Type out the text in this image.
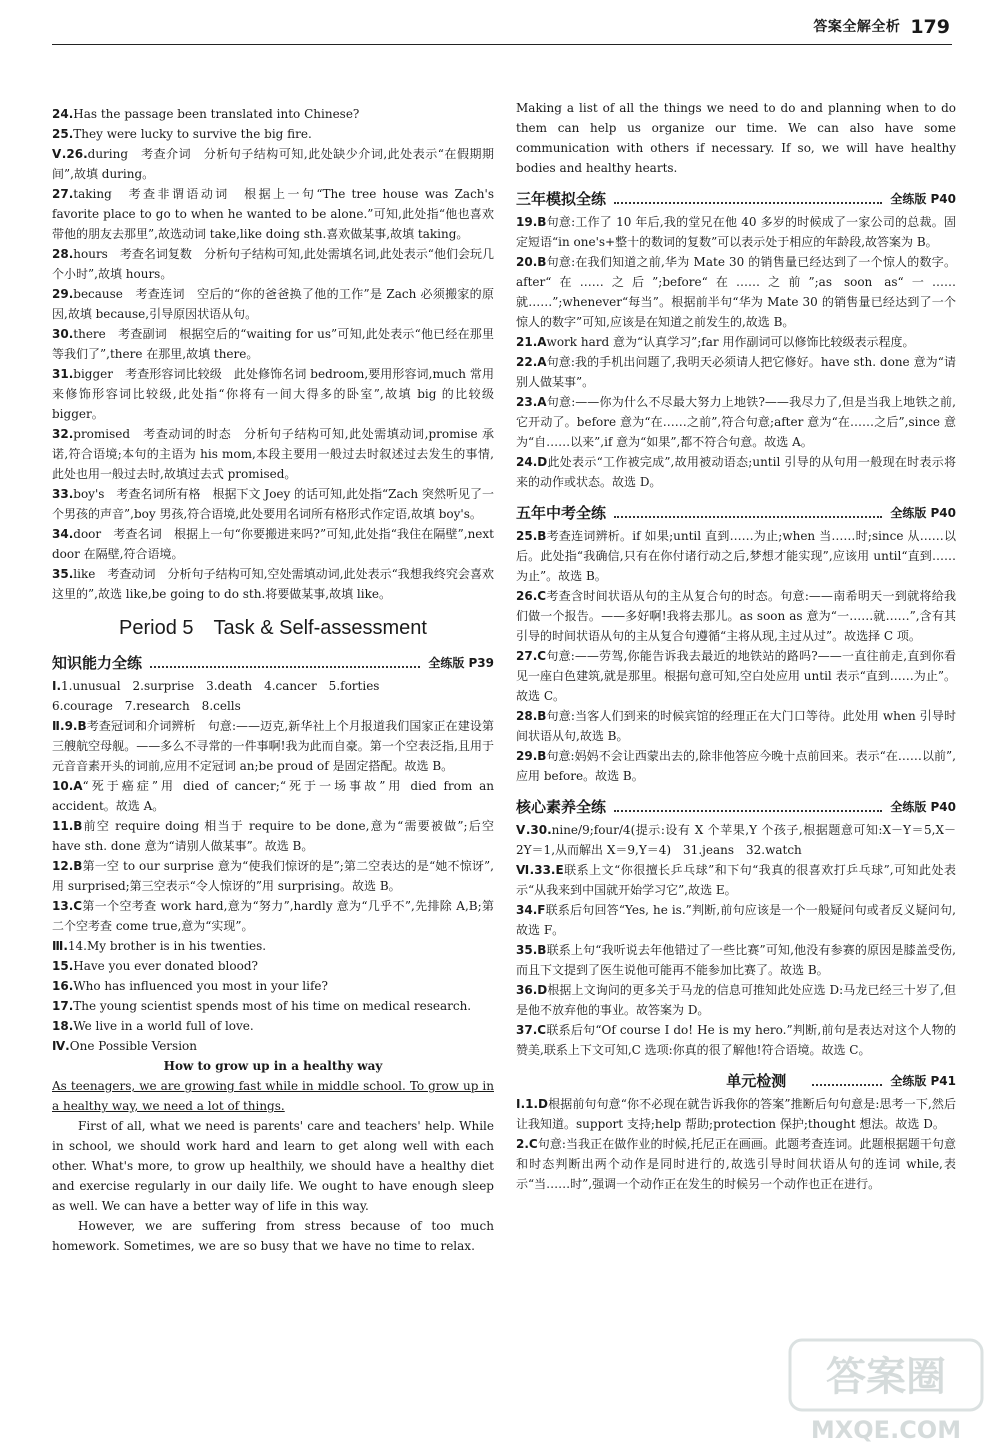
答案全解全析 179

24.Has the passage been translated into Chinese?

25.They were lucky to survive the big fire.

Ⅴ.26.during　考查介词　分析句子结构可知,此处缺少介词,此处表示“在假期期间”,故填 during。

27.taking　考查非谓语动词　根据上一句“The tree house was Zach's favorite place to go to when he wanted to be alone.”可知,此处指“他也喜欢带他的朋友去那里”,故选动词 take,like doing sth.喜欢做某事,故填 taking。

28.hours　考查名词复数　分析句子结构可知,此处需填名词,此处表示“他们会玩几个小时”,故填 hours。

29.because　考查连词　空后的“你的爸爸换了他的工作”是 Zach 必须搬家的原因,故填 because,引导原因状语从句。

30.there　考查副词　根据空后的“waiting for us”可知,此处表示“他已经在那里等我们了”,there 在那里,故填 there。

31.bigger　考查形容词比较级　此处修饰名词 bedroom,要用形容词,much 常用来修饰形容词比较级,此处指“你将有一间大得多的卧室”,故填 big 的比较级 bigger。

32.promised　考查动词的时态　分析句子结构可知,此处需填动词,promise 承诺,符合语境;本句的主语为 his mom,本段主要用一般过去时叙述过去发生的事情,此处也用一般过去时,故填过去式 promised。

33.boy's　考查名词所有格　根据下文 Joey 的话可知,此处指“Zach 突然听见了一个男孩的声音”,boy 男孩,符合语境,此处要用名词所有格形式作定语,故填 boy's。

34.door　考查名词　根据上一句“你要搬进来吗?”可知,此处指“我住在隔壁”,next door 在隔壁,符合语境。

35.like　考查动词　分析句子结构可知,空处需填动词,此处表示“我想我终究会喜欢这里的”,故选 like,be going to do sth.将要做某事,故填 like。

Period 5　Task & Self-assessment
知识能力全练	全练版 P39

Ⅰ.1.unusual　2.surprise　3.death　4.cancer　5.forties

6.courage　7.research　8.cells

Ⅱ.9.B考查冠词和介词辨析　句意:——迈克,新华社上个月报道我们国家正在建设第三艘航空母舰。——多么不寻常的一件事啊!我为此而自豪。第一个空表泛指,且用于元音音素开头的词前,应用不定冠词 an;be proud of 是固定搭配。故选 B。

10.A“死于癌症”用 died of cancer;“死于一场事故”用 died from an accident。故选 A。

11.B前空 require doing 相当于 require to be done,意为“需要被做”;后空 have sth. done 意为“请别人做某事”。故选 B。

12.B第一空 to our surprise 意为“使我们惊讶的是”;第二空表达的是“她不惊讶”,用 surprised;第三空表示“令人惊讶的”用 surprising。故选 B。

13.C第一个空考查 work hard,意为“努力”,hardly 意为“几乎不”,先排除 A,B;第二个空考查 come true,意为“实现”。

Ⅲ.14.My brother is in his twenties.

15.Have you ever donated blood?

16.Who has influenced you most in your life?

17.The young scientist spends most of his time on medical research.

18.We live in a world full of love.

Ⅳ.One Possible Version

How to grow up in a healthy way

As teenagers, we are growing fast while in middle school. To grow up in a healthy way, we need a lot of things.

First of all, what we need is parents' care and teachers' help. While in school, we should work hard and learn to get along well with each other. What's more, to grow up healthily, we should have a healthy diet and exercise regularly in our daily life. We ought to have enough sleep as well. We can have a better way of life in this way.

However, we are suffering from stress because of too much homework. Sometimes, we are so busy that we have no time to relax.

Making a list of all the things we need to do and planning when to do them can help us organize our time. We can also have some communication with others if necessary. If so, we will have healthy bodies and healthy hearts.

三年模拟全练	全练版 P40

19.B句意:工作了 10 年后,我的堂兄在他 40 多岁的时候成了一家公司的总裁。固定短语“in one's+整十的数词的复数”可以表示处于相应的年龄段,故答案为 B。

20.B句意:在我们知道之前,华为 Mate 30 的销售量已经达到了一个惊人的数字。after“在……之后”;before“在……之前”;as soon as“一……就……”;whenever“每当”。根据前半句“华为 Mate 30 的销售量已经达到了一个惊人的数字”可知,应该是在知道之前发生的,故选 B。

21.Awork hard 意为“认真学习”;far 用作副词可以修饰比较级表示程度。

22.A句意:我的手机出问题了,我明天必须请人把它修好。have sth. done 意为“请别人做某事”。

23.A句意:——你为什么不尽最大努力上地铁?——我尽力了,但是当我上地铁之前,它开动了。before 意为“在……之前”,符合句意;after 意为“在……之后”,since 意为“自……以来”,if 意为“如果”,都不符合句意。故选 A。

24.D此处表示“工作被完成”,故用被动语态;until 引导的从句用一般现在时表示将来的动作或状态。故选 D。

五年中考全练	全练版 P40

25.B考查连词辨析。if 如果;until 直到……为止;when 当……时;since 从……以后。此处指“我确信,只有在你付诸行动之后,梦想才能实现”,应该用 until“直到……为止”。故选 B。

26.C考查含时间状语从句的主从复合句的时态。句意:——南希明天一到就将给我们做一个报告。——多好啊!我将去那儿。as soon as 意为“一……就……”,含有其引导的时间状语从句的主从复合句遵循“主将从现,主过从过”。故选择 C 项。

27.C句意:——劳驾,你能告诉我去最近的地铁站的路吗?——一直往前走,直到你看见一座白色建筑,就是那里。根据句意可知,空白处应用 until 表示“直到……为止”。故选 C。

28.B句意:当客人们到来的时候宾馆的经理正在大门口等待。此处用 when 引导时间状语从句,故选 B。

29.B句意:妈妈不会让西蒙出去的,除非他答应今晚十点前回来。表示“在……以前”,应用 before。故选 B。

核心素养全练	全练版 P40

Ⅴ.30.nine/9;four/4(提示:设有 X 个苹果,Y 个孩子,根据题意可知:X－Y＝5,X－2Y＝1,从而解出 X＝9,Y＝4)　31.jeans　32.watch

Ⅵ.33.E联系上文“你很擅长乒乓球”和下句“我真的很喜欢打乒乓球”,可知此处表示“从我来到中国就开始学习它”,故选 E。

34.F联系后句回答“Yes, he is.”判断,前句应该是一个一般疑问句或者反义疑问句,故选 F。

35.B联系上句“我听说去年他错过了一些比赛”可知,他没有参赛的原因是膝盖受伤,而且下文提到了医生说他可能再不能参加比赛了。故选 B。

36.D根据上文询问的更多关于马龙的信息可推知此处应选 D:马龙已经三十岁了,但是他不放弃他的事业。故答案为 D。

37.C联系后句“Of course I do! He is my hero.”判断,前句是表达对这个人物的赞美,联系上下文可知,C 选项:你真的很了解他!符合语境。故选 C。

单元检测	全练版 P41

Ⅰ.1.D根据前句句意“你不必现在就告诉我你的答案”推断后句句意是:思考一下,然后让我知道。support 支持;help 帮助;protection 保护;thought 想法。故选 D。

2.C句意:当我正在做作业的时候,托尼正在画画。此题考查连词。此题根据题干句意和时态判断出两个动作是同时进行的,故选引导时间状语从句的连词 while,表示“当……时”,强调一个动作正在发生的时候另一个动作也正在进行。

答案圈
MXQE.COM
